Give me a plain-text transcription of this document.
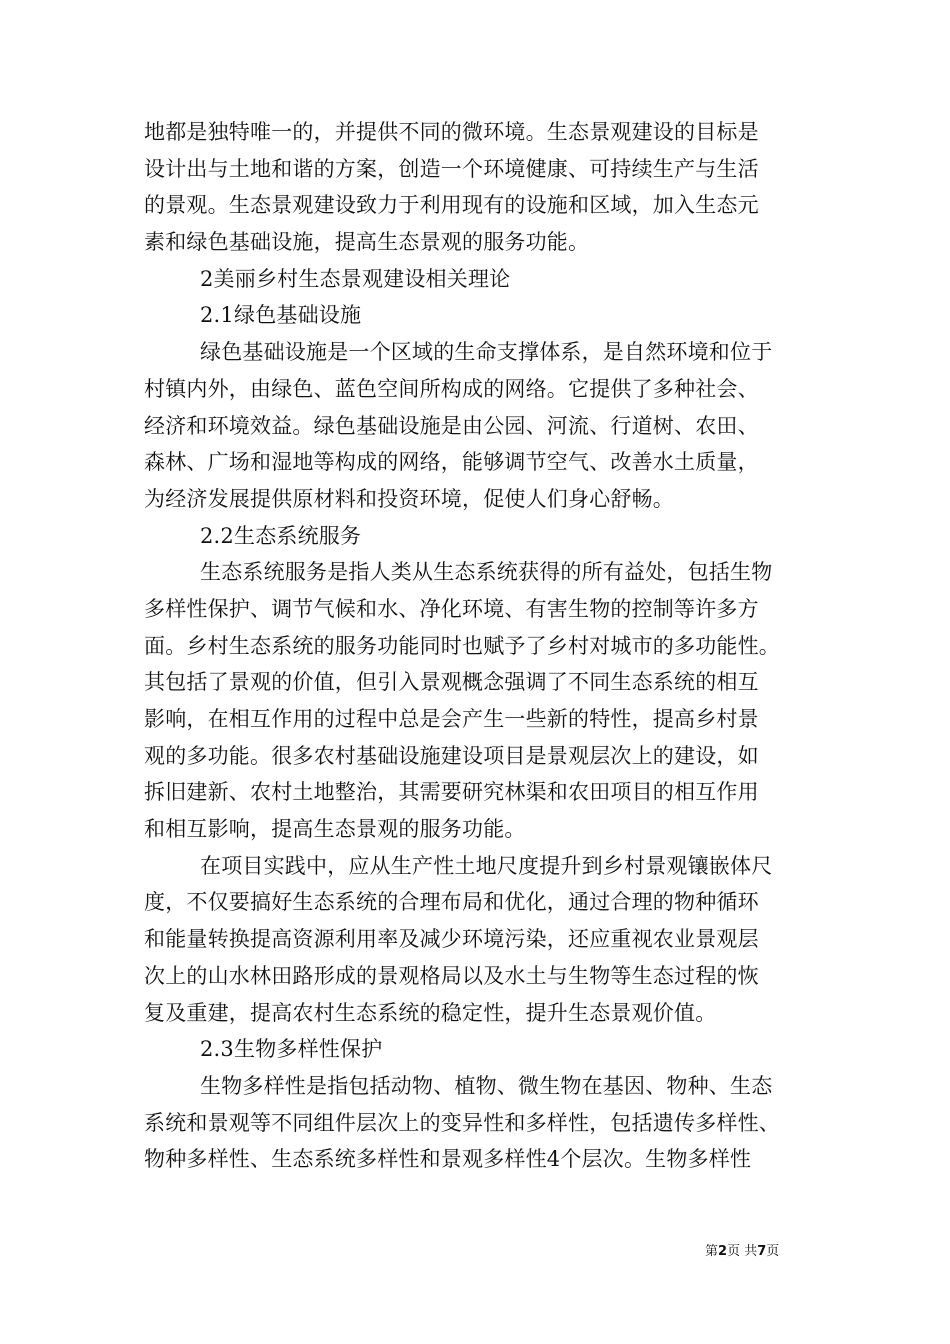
地都是独特唯一的，并提供不同的微环境。生态景观建设的目标是
设计出与土地和谐的方案，创造一个环境健康、可持续生产与生活
的景观。生态景观建设致力于利用现有的设施和区域，加入生态元
素和绿色基础设施，提高生态景观的服务功能。
2美丽乡村生态景观建设相关理论
2.1绿色基础设施
绿色基础设施是一个区域的生命支撑体系，是自然环境和位于
村镇内外，由绿色、蓝色空间所构成的网络。它提供了多种社会、
经济和环境效益。绿色基础设施是由公园、河流、行道树、农田、
森林、广场和湿地等构成的网络，能够调节空气、改善水土质量，
为经济发展提供原材料和投资环境，促使人们身心舒畅。
2.2生态系统服务
生态系统服务是指人类从生态系统获得的所有益处，包括生物
多样性保护、调节气候和水、净化环境、有害生物的控制等许多方
面。乡村生态系统的服务功能同时也赋予了乡村对城市的多功能性。
其包括了景观的价值，但引入景观概念强调了不同生态系统的相互
影响，在相互作用的过程中总是会产生一些新的特性，提高乡村景
观的多功能。很多农村基础设施建设项目是景观层次上的建设，如
拆旧建新、农村土地整治，其需要研究林渠和农田项目的相互作用
和相互影响，提高生态景观的服务功能。
在项目实践中，应从生产性土地尺度提升到乡村景观镶嵌体尺
度，不仅要搞好生态系统的合理布局和优化，通过合理的物种循环
和能量转换提高资源利用率及减少环境污染，还应重视农业景观层
次上的山水林田路形成的景观格局以及水土与生物等生态过程的恢
复及重建，提高农村生态系统的稳定性，提升生态景观价值。
2.3生物多样性保护
生物多样性是指包括动物、植物、微生物在基因、物种、生态
系统和景观等不同组件层次上的变异性和多样性，包括遗传多样性、
物种多样性、生态系统多样性和景观多样性4个层次。生物多样性
第2页 共7页
